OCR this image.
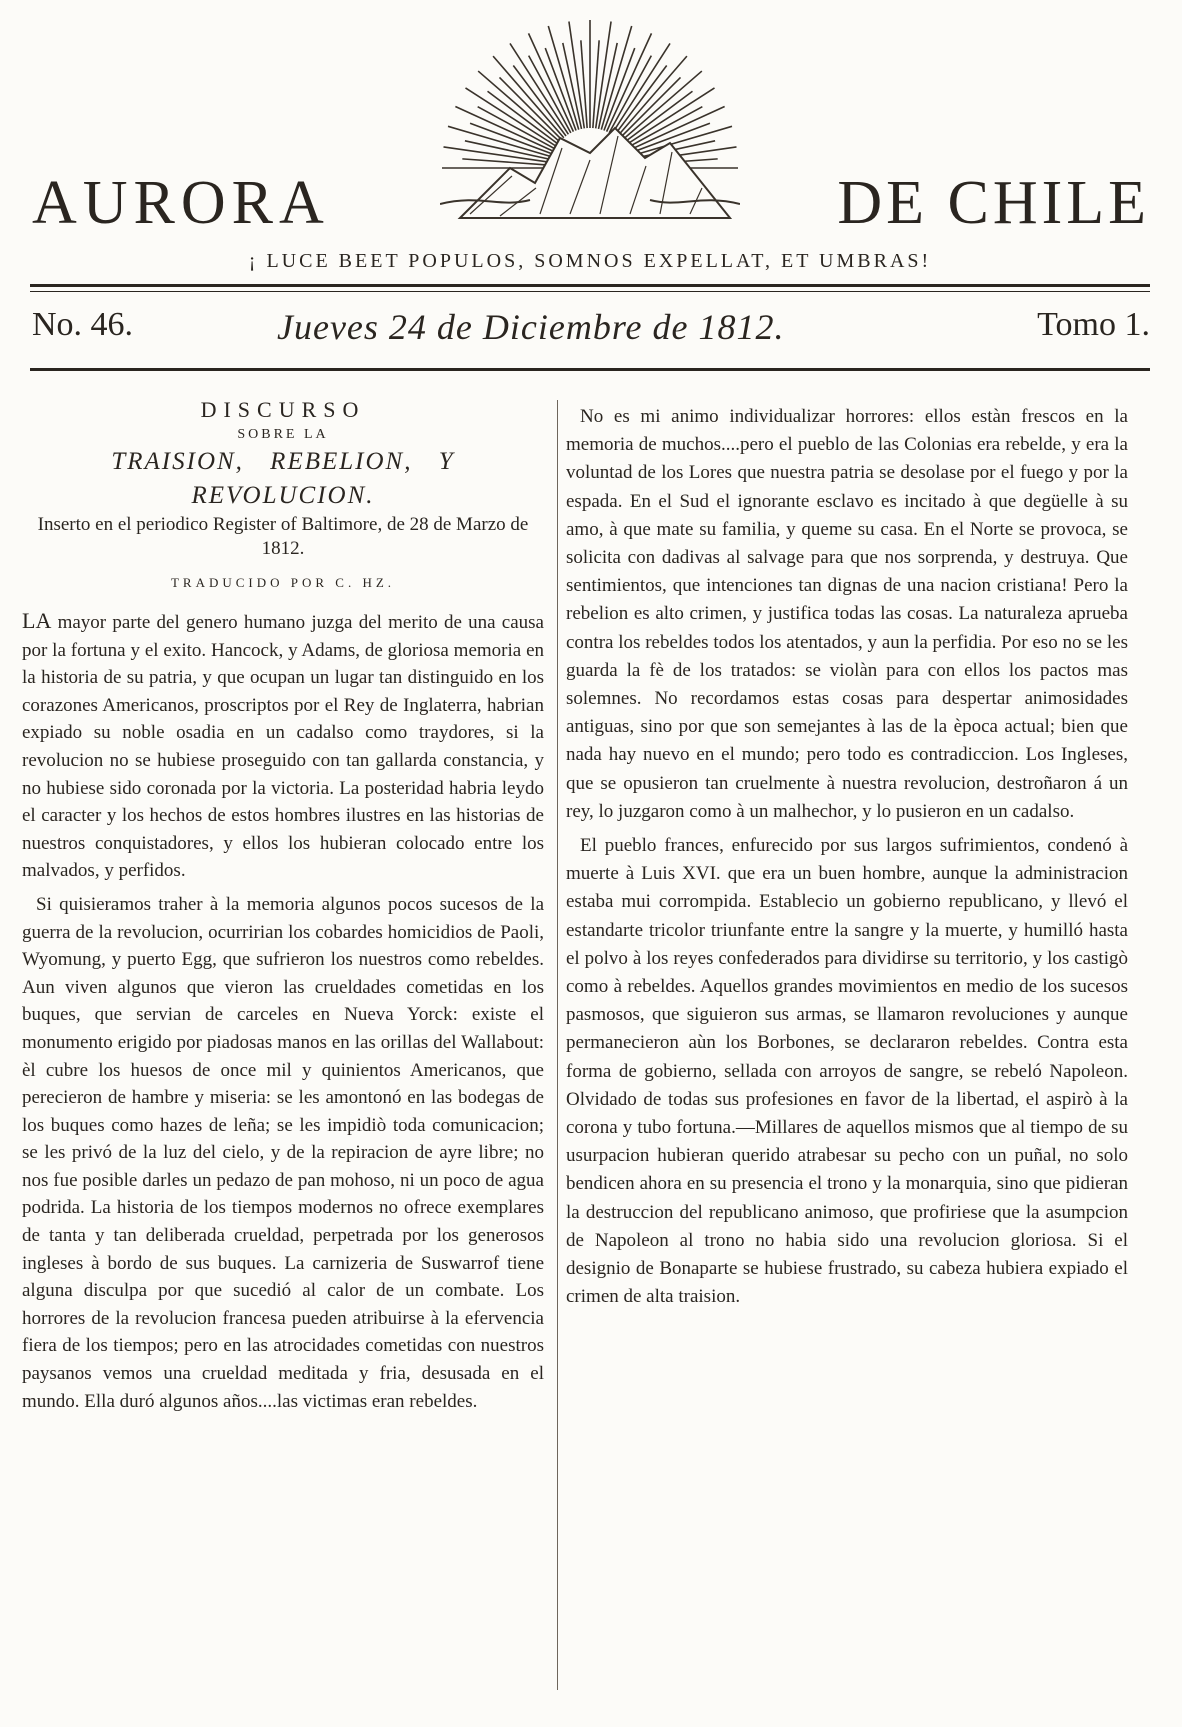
AURORA	DE CHILE
¡ LUCE BEET POPULOS, SOMNOS EXPELLAT, ET UMBRAS!
No. 46.	Jueves 24 de Diciembre de 1812.	Tomo 1.

DISCURSO

SOBRE LA

TRAISION, REBELION, Y REVOLUCION.

Inserto en el periodico Register of Baltimore, de 28 de Marzo de 1812.

TRADUCIDO POR C. HZ.

LA mayor parte del genero humano juzga del merito de una causa por la fortuna y el exito. Hancock, y Adams, de gloriosa memoria en la historia de su patria, y que ocupan un lugar tan distinguido en los corazones Americanos, proscriptos por el Rey de Inglaterra, habrian expiado su noble osadia en un cadalso como traydores, si la revolucion no se hubiese proseguido con tan gallarda constancia, y no hubiese sido coronada por la victoria. La posteridad habria leydo el caracter y los hechos de estos hombres ilustres en las historias de nuestros conquistadores, y ellos los hubieran colocado entre los malvados, y perfidos.

Si quisieramos traher à la memoria algunos pocos sucesos de la guerra de la revolucion, ocurririan los cobardes homicidios de Paoli, Wyomung, y puerto Egg, que sufrieron los nuestros como rebeldes. Aun viven algunos que vieron las crueldades cometidas en los buques, que servian de carceles en Nueva Yorck: existe el monumento erigido por piadosas manos en las orillas del Wallabout: èl cubre los huesos de once mil y quinientos Americanos, que perecieron de hambre y miseria: se les amontonó en las bodegas de los buques como hazes de leña; se les impidiò toda comunicacion; se les privó de la luz del cielo, y de la repiracion de ayre libre; no nos fue posible darles un pedazo de pan mohoso, ni un poco de agua podrida. La historia de los tiempos modernos no ofrece exemplares de tanta y tan deliberada crueldad, perpetrada por los generosos ingleses à bordo de sus buques. La carnizeria de Suswarrof tiene alguna disculpa por que sucedió al calor de un combate. Los horrores de la revolucion francesa pueden atribuirse à la efervencia fiera de los tiempos; pero en las atrocidades cometidas con nuestros paysanos vemos una crueldad meditada y fria, desusada en el mundo. Ella duró algunos años....las victimas eran rebeldes.

No es mi animo individualizar horrores: ellos estàn frescos en la memoria de muchos....pero el pueblo de las Colonias era rebelde, y era la voluntad de los Lores que nuestra patria se desolase por el fuego y por la espada. En el Sud el ignorante esclavo es incitado à que degüelle à su amo, à que mate su familia, y queme su casa. En el Norte se provoca, se solicita con dadivas al salvage para que nos sorprenda, y destruya. Que sentimientos, que intenciones tan dignas de una nacion cristiana! Pero la rebelion es alto crimen, y justifica todas las cosas. La naturaleza aprueba contra los rebeldes todos los atentados, y aun la perfidia. Por eso no se les guarda la fè de los tratados: se violàn para con ellos los pactos mas solemnes. No recordamos estas cosas para despertar animosidades antiguas, sino por que son semejantes à las de la època actual; bien que nada hay nuevo en el mundo; pero todo es contradiccion. Los Ingleses, que se opusieron tan cruelmente à nuestra revolucion, destroñaron á un rey, lo juzgaron como à un malhechor, y lo pusieron en un cadalso.

El pueblo frances, enfurecido por sus largos sufrimientos, condenó à muerte à Luis XVI. que era un buen hombre, aunque la administracion estaba mui corrompida. Establecio un gobierno republicano, y llevó el estandarte tricolor triunfante entre la sangre y la muerte, y humilló hasta el polvo à los reyes confederados para dividirse su territorio, y los castigò como à rebeldes. Aquellos grandes movimientos en medio de los sucesos pasmosos, que siguieron sus armas, se llamaron revoluciones y aunque permanecieron aùn los Borbones, se declararon rebeldes. Contra esta forma de gobierno, sellada con arroyos de sangre, se rebeló Napoleon. Olvidado de todas sus profesiones en favor de la libertad, el aspirò à la corona y tubo fortuna.—Millares de aquellos mismos que al tiempo de su usurpacion hubieran querido atrabesar su pecho con un puñal, no solo bendicen ahora en su presencia el trono y la monarquia, sino que pidieran la destruccion del republicano animoso, que profiriese que la asumpcion de Napoleon al trono no habia sido una revolucion gloriosa. Si el designio de Bonaparte se hubiese frustrado, su cabeza hubiera expiado el crimen de alta traision.
